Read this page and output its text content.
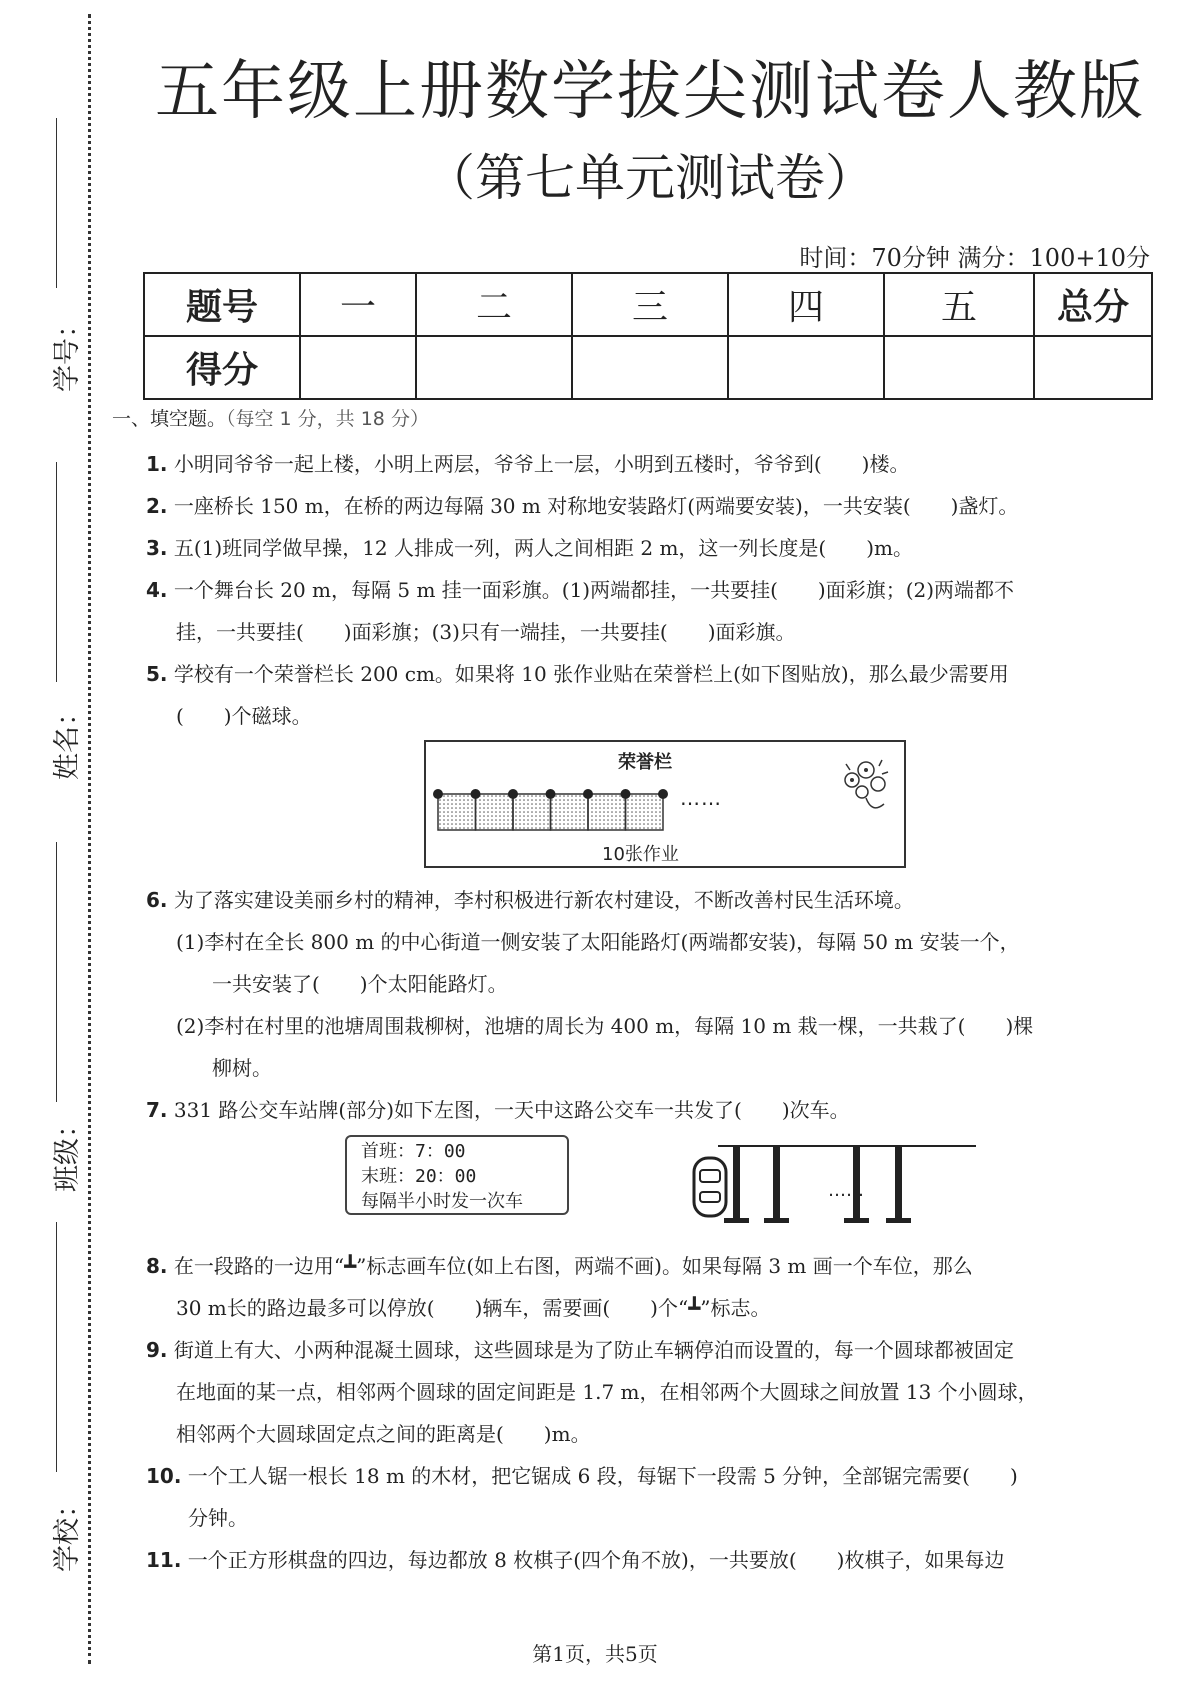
学号：
姓名：
班级：
学校：
五年级上册数学拔尖测试卷人教版
（第七单元测试卷）
时间：70分钟 满分：100+10分
题号	一	二	三	四	五	总分
得分						
一、填空题。（每空 1 分，共 18 分）
1. 小明同爷爷一起上楼，小明上两层，爷爷上一层，小明到五楼时，爷爷到(　　)楼。
2. 一座桥长 150 m，在桥的两边每隔 30 m 对称地安装路灯(两端要安装)，一共安装(　　)盏灯。
3. 五(1)班同学做早操，12 人排成一列，两人之间相距 2 m，这一列长度是(　　)m。
4. 一个舞台长 20 m，每隔 5 m 挂一面彩旗。(1)两端都挂，一共要挂(　　)面彩旗；(2)两端都不
挂，一共要挂(　　)面彩旗；(3)只有一端挂，一共要挂(　　)面彩旗。
5. 学校有一个荣誉栏长 200 cm。如果将 10 张作业贴在荣誉栏上(如下图贴放)，那么最少需要用
(　　)个磁球。
荣誉栏
……
10张作业
6. 为了落实建设美丽乡村的精神，李村积极进行新农村建设，不断改善村民生活环境。
(1)李村在全长 800 m 的中心街道一侧安装了太阳能路灯(两端都安装)，每隔 50 m 安装一个，
一共安装了(　　)个太阳能路灯。
(2)李村在村里的池塘周围栽柳树，池塘的周长为 400 m，每隔 10 m 栽一棵，一共栽了(　　)棵
柳树。
7. 331 路公交车站牌(部分)如下左图，一天中这路公交车一共发了(　　)次车。
首班：7：00
末班：20：00
每隔半小时发一次车
……
8. 在一段路的一边用“┻”标志画车位(如上右图，两端不画)。如果每隔 3 m 画一个车位，那么
30 m长的路边最多可以停放(　　)辆车，需要画(　　)个“┻”标志。
9. 街道上有大、小两种混凝土圆球，这些圆球是为了防止车辆停泊而设置的，每一个圆球都被固定
在地面的某一点，相邻两个圆球的固定间距是 1.7 m，在相邻两个大圆球之间放置 13 个小圆球，
相邻两个大圆球固定点之间的距离是(　　)m。
10. 一个工人锯一根长 18 m 的木材，把它锯成 6 段，每锯下一段需 5 分钟，全部锯完需要(　　)
分钟。
11. 一个正方形棋盘的四边，每边都放 8 枚棋子(四个角不放)，一共要放(　　)枚棋子，如果每边
第1页，共5页
